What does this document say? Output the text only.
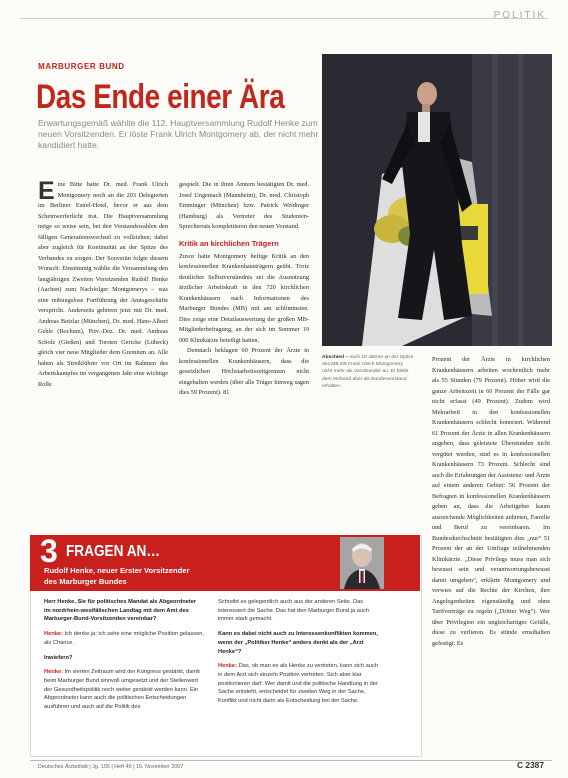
POLITIK
MARBURGER BUND
Das Ende einer Ära
Erwartungsgemäß wählte die 112. Hauptversammlung Rudolf Henke zum neuen Vorsitzenden. Er löste Frank Ulrich Montgomery ab, der nicht mehr kandidiert hatte.

Eine Bitte hatte Dr. med. Frank Ulrich Montgomery noch an die 203 Delegierten im Berliner Estrel-Hotel, bevor er aus dem Scheinwerferlicht trat. Die Hauptversammlung möge so weise sein, bei den Vorstandswahlen den fälligen Generationswechsel zu vollziehen; dabei aber zugleich für Kontinuität an der Spitze des Verbandes zu sorgen. Der Souverän folgte diesem Wunsch: Einstimmig wählte die Versammlung den langjährigen Zweiten Vorsitzenden Rudolf Henke (Aachen) zum Nachfolger Montgomerys – was eine reibungslose Fortführung der Amtsgeschäfte verspricht. Anderseits gehören jetzt mit Dr. med. Andreas Botzlar (München), Dr. med. Hans-Albert Gehle (Bochum), Priv.-Doz. Dr. med. Andreas Scholz (Gießen) und Torsten Gericke (Lübeck) gleich vier neue Mitglieder dem Gremium an. Alle haben als Streikführer vor Ort im Rahmen des Arbeitskampfes im vergangenen Jahr eine wichtige Rolle

gespielt. Die in ihren Ämtern bestätigten Dr. med. Josef Ungemach (Mannheim), Dr. med. Christoph Emminger (München) bzw. Patrick Weidinger (Hamburg) als Vertreter des Studenten-Sprecherrats komplettieren den neuen Vorstand.

Kritik an kirchlichen Trägern

Zuvor hatte Montgomery heftige Kritik an den konfessionellen Krankenhausträgern geübt. Trotz deutlicher Selbstverständnis sei die Ausnutzung ärztlicher Arbeitskraft in den 720 kirchlichen Krankenhäusern nach Informationen des Marburger Bundes (MB) mit am schlimmsten. Dies zeige eine Detailauswertung der großen MB-Mitgliederbefragung, an der sich im Sommer 19 000 Klinikärzte beteiligt hatten.

Demnach beklagen 60 Prozent der Ärzte in konfessionellen Krankenhäusern, dass die gesetzlichen Höchstarbeitszeitgrenzen nicht eingehalten werden (über alle Träger hinweg sagen dies 59 Prozent). 81

Abschied – nach 18 Jahren an der Spitze des MB tritt Frank Ulrich Montgomery nicht mehr als Vorsitzender an. Er bleibt dem Verband aber als Bundesvorstand erhalten.

Prozent der Ärzte in kirchlichen Krankenhäusern arbeiten wochentlich mehr als 55 Stunden (79 Prozent). Höher wird die ganze Arbeitszeit in 60 Prozent der Fälle gar nicht erfasst (49 Prozent). Zudem wird Mehrarbeit in den konfessionellen Krankenhäusern schlecht honoriert. Während 61 Prozent der Ärzte in allen Krankenhäusern angeben, dass geleistete Überstunden nicht vergütet werden, sind es in konfessionellen Krankenhäusern 73 Prozent. Schlecht sind auch die Erfahrungen der Assistenz- und Ärzte auf einem anderen Gebiet: 56 Prozent der Befragten in konfessionellen Krankenhäusern geben an, dass die Arbeitgeber kaum ausreichende Möglichkeiten anbieten, Familie und Beruf zu vereinbaren. Im Bundesdurchschnitt bestätigten dies „nur“ 51 Prozent der an der Umfrage teilnehmenden Klinikärzte. „Diese Privilegs muss man sich bewusst sein und verantwortungsbewusst damit umgehen“, erklärte Montgomery und verwies auf die Rechte der Kirchen, ihre Angelegenheiten eigenständig und ohne Tarifverträge zu regeln („Dritter Weg“). Wer über Privilegien ein ungleichartiges Gefälle, diese zu verlieren. Es stünde ernsthaften gefestigt. Es

3 FRAGEN AN…
Rudolf Henke, neuer Erster Vorsitzender
des Marburger Bundes

Herr Henke, Sie für politisches Mandat als Abgeordneter im nordrhein-westfälischen Landtag mit dem Amt des Marburger-Bund-Vorsitzenden vereinbar?

Henke: Ich denke ja; ich sehe eine mögliche Position gelassen, als Chance.

Inwiefern?

Henke: Im vierten Zeitraum wird der Kongress gestärkt, damit beim Marburger Bund sinnvoll umgesetzt und der Stellenwert der Gesundheitspolitik noch weiter gestärkt werden kann. Ein Abgeordneter kann auch die politischen Entscheidungen ausführen und auch auf die Politik des

Schreibt es gelegentlich auch aus der anderen Seite. Das interessiert die Sache. Das hat den Marburger Bund ja auch immer stark gemacht.

Kann es dabei nicht auch zu Interessenkonflikten kommen, wenn der „Politiker Henke“ anders denkt als der „Arzt Henke“?

Henke: Das, ob man es als Henke zu vertreten, kann sich auch in dem Arzt sich einzeln Position vertreten. Sich aber klar positionieren darf. Wer damit und die politische Handlung in der Sache entsteht, entscheidet für zweiten Weg in der Sache, Konflikt und nicht dann als Entscheidung bei der Sache.

Deutsches Ärzteblatt | Jg. 105 | Heft 46 | 16. November 2007	C 2387
